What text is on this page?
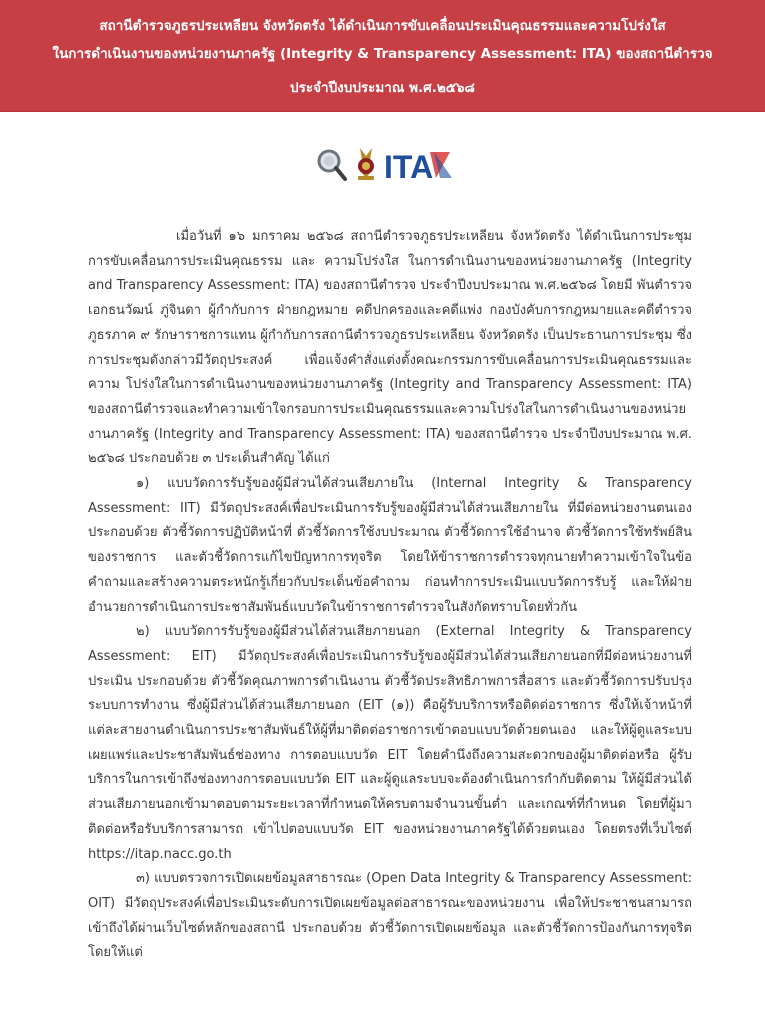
สถานีตำรวจภูธรประเหลียน จังหวัดตรัง ได้ดำเนินการขับเคลื่อนประเมินคุณธรรมและความโปร่งใส
ในการดำเนินงานของหน่วยงานภาครัฐ (Integrity & Transparency Assessment: ITA) ของสถานีตำรวจ
ประจำปีงบประมาณ พ.ศ.๒๕๖๘
ITA

เมื่อวันที่ ๑๖ มกราคม ๒๕๖๘ สถานีตำรวจภูธรประเหลียน จังหวัดตรัง ได้ดำเนินการประชุมการขับเคลื่อนการประเมินคุณธรรม และ ความโปร่งใส ในการดำเนินงานของหน่วยงานภาครัฐ (Integrity and Transparency Assessment: ITA) ของสถานีตำรวจ ประจำปีงบประมาณ พ.ศ.๒๕๖๘ โดยมี พันตำรวจเอกธนวัฒน์ ภู่จินดา ผู้กำกับการ ฝ่ายกฎหมาย คดีปกครองและคดีแพ่ง กองบังคับการกฎหมายและคดีตำรวจภูธรภาค ๙ รักษาราชการแทน ผู้กำกับการสถานีตำรวจภูธรประเหลียน จังหวัดตรัง เป็นประธานการประชุม ซึ่งการประชุมดังกล่าวมีวัตถุประสงค์ เพื่อแจ้งคำสั่งแต่งตั้งคณะกรรมการขับเคลื่อนการประเมินคุณธรรมและความ โปร่งใสในการดำเนินงานของหน่วยงานภาครัฐ (Integrity and Transparency Assessment: ITA) ของสถานีตำรวจและทำความเข้าใจกรอบการประเมินคุณธรรมและความโปร่งใสในการดำเนินงานของหน่วยงานภาครัฐ (Integrity and Transparency Assessment: ITA) ของสถานีตำรวจ ประจำปีงบประมาณ พ.ศ. ๒๕๖๘ ประกอบด้วย ๓ ประเด็นสำคัญ ได้แก่

๑) แบบวัดการรับรู้ของผู้มีส่วนได้ส่วนเสียภายใน (Internal Integrity & Transparency Assessment: IIT) มีวัตถุประสงค์เพื่อประเมินการรับรู้ของผู้มีส่วนได้ส่วนเสียภายใน ที่มีต่อหน่วยงานตนเอง ประกอบด้วย ตัวชี้วัดการปฏิบัติหน้าที่ ตัวชี้วัดการใช้งบประมาณ ตัวชี้วัดการใช้อำนาจ ตัวชี้วัดการใช้ทรัพย์สินของราชการ และตัวชี้วัดการแก้ไขปัญหาการทุจริต โดยให้ข้าราชการตำรวจทุกนายทำความเข้าใจในข้อคำถามและสร้างความตระหนักรู้เกี่ยวกับประเด็นข้อคำถาม ก่อนทำการประเมินแบบวัดการรับรู้ และให้ฝ่ายอำนวยการดำเนินการประชาสัมพันธ์แบบวัดในข้าราชการตำรวจในสังกัดทราบโดยทั่วกัน

๒) แบบวัดการรับรู้ของผู้มีส่วนได้ส่วนเสียภายนอก (External Integrity & Transparency Assessment: EIT) มีวัตถุประสงค์เพื่อประเมินการรับรู้ของผู้มีส่วนได้ส่วนเสียภายนอกที่มีต่อหน่วยงานที่ประเมิน ประกอบด้วย ตัวชี้วัดคุณภาพการดำเนินงาน ตัวชี้วัดประสิทธิภาพการสื่อสาร และตัวชี้วัดการปรับปรุงระบบการทำงาน ซึ่งผู้มีส่วนได้ส่วนเสียภายนอก (EIT (๑)) คือผู้รับบริการหรือติดต่อราชการ ซึ่งให้เจ้าหน้าที่แต่ละสายงานดำเนินการประชาสัมพันธ์ให้ผู้ที่มาติดต่อราชการเข้าตอบแบบวัดด้วยตนเอง และให้ผู้ดูแลระบบเผยแพร่และประชาสัมพันธ์ช่องทาง การตอบแบบวัด EIT โดยคำนึงถึงความสะดวกของผู้มาติดต่อหรือ ผู้รับบริการในการเข้าถึงช่องทางการตอบแบบวัด EIT และผู้ดูแลระบบจะต้องดำเนินการกำกับติดตาม ให้ผู้มีส่วนได้ส่วนเสียภายนอกเข้ามาตอบตามระยะเวลาที่กำหนดให้ครบตามจำนวนขั้นต่ำ และเกณฑ์ที่กำหนด โดยที่ผู้มาติดต่อหรือรับบริการสามารถ เข้าไปตอบแบบวัด EIT ของหน่วยงานภาครัฐได้ด้วยตนเอง โดยตรงที่เว็บไซต์ https://itap.nacc.go.th

๓) แบบตรวจการเปิดเผยข้อมูลสาธารณะ (Open Data Integrity & Transparency Assessment: OIT) มีวัตถุประสงค์เพื่อประเมินระดับการเปิดเผยข้อมูลต่อสาธารณะของหน่วยงาน เพื่อให้ประชาชนสามารถเข้าถึงได้ผ่านเว็บไซต์หลักของสถานี ประกอบด้วย ตัวชี้วัดการเปิดเผยข้อมูล และตัวชี้วัดการป้องกันการทุจริต โดยให้แต่
